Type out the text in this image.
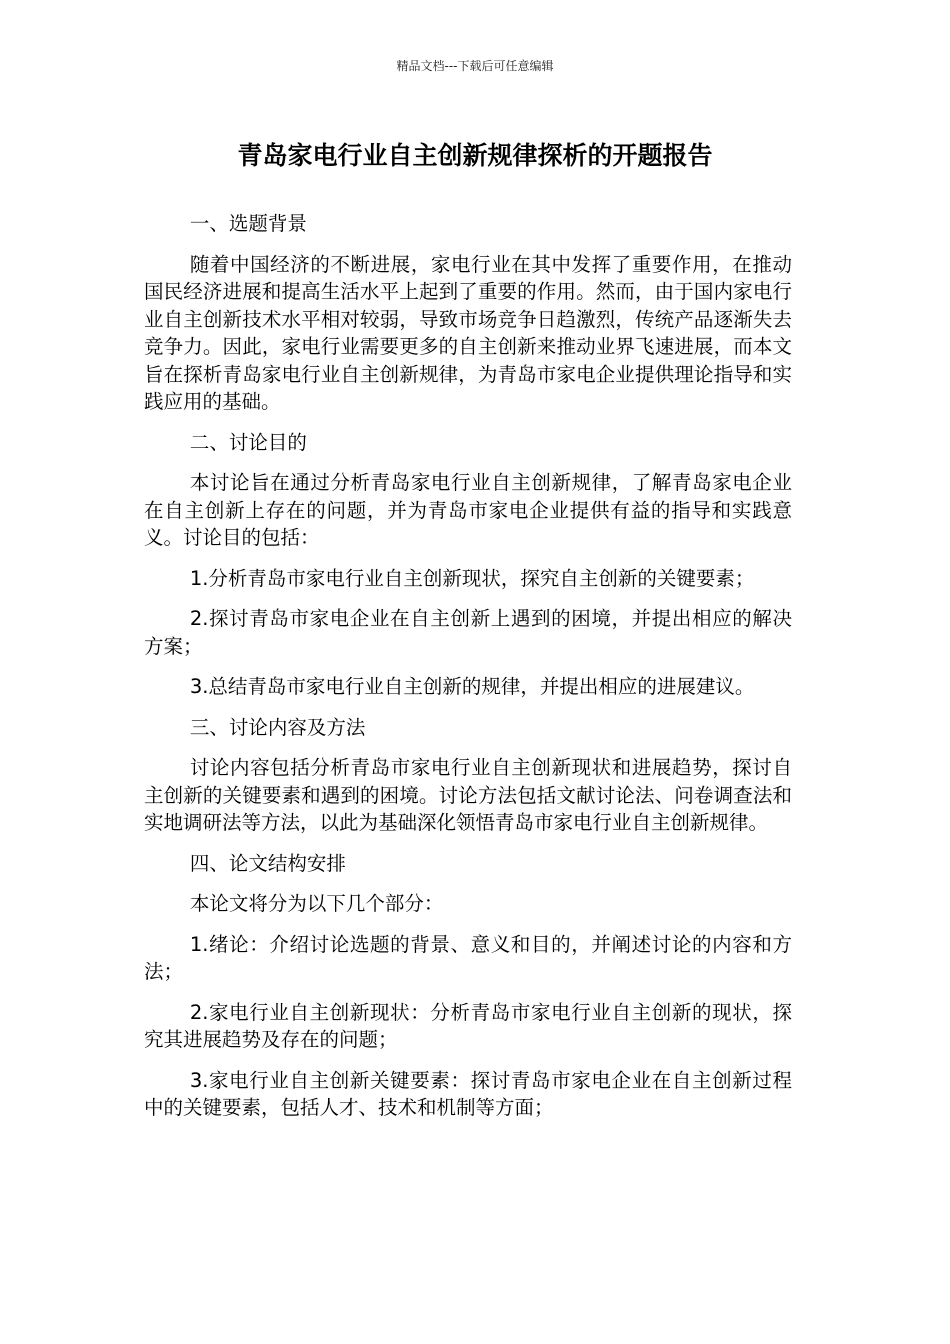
精品文档---下载后可任意编辑
青岛家电行业自主创新规律探析的开题报告

一、选题背景

随着中国经济的不断进展，家电行业在其中发挥了重要作用，在推动国民经济进展和提高生活水平上起到了重要的作用。然而，由于国内家电行业自主创新技术水平相对较弱，导致市场竞争日趋激烈，传统产品逐渐失去竞争力。因此，家电行业需要更多的自主创新来推动业界飞速进展，而本文旨在探析青岛家电行业自主创新规律，为青岛市家电企业提供理论指导和实践应用的基础。

二、讨论目的

本讨论旨在通过分析青岛家电行业自主创新规律，了解青岛家电企业在自主创新上存在的问题，并为青岛市家电企业提供有益的指导和实践意义。讨论目的包括：

1.分析青岛市家电行业自主创新现状，探究自主创新的关键要素；

2.探讨青岛市家电企业在自主创新上遇到的困境，并提出相应的解决方案；

3.总结青岛市家电行业自主创新的规律，并提出相应的进展建议。

三、讨论内容及方法

讨论内容包括分析青岛市家电行业自主创新现状和进展趋势，探讨自主创新的关键要素和遇到的困境。讨论方法包括文献讨论法、问卷调查法和实地调研法等方法，以此为基础深化领悟青岛市家电行业自主创新规律。

四、论文结构安排

本论文将分为以下几个部分：

1.绪论：介绍讨论选题的背景、意义和目的，并阐述讨论的内容和方法；

2.家电行业自主创新现状：分析青岛市家电行业自主创新的现状，探究其进展趋势及存在的问题；

3.家电行业自主创新关键要素：探讨青岛市家电企业在自主创新过程中的关键要素，包括人才、技术和机制等方面；
